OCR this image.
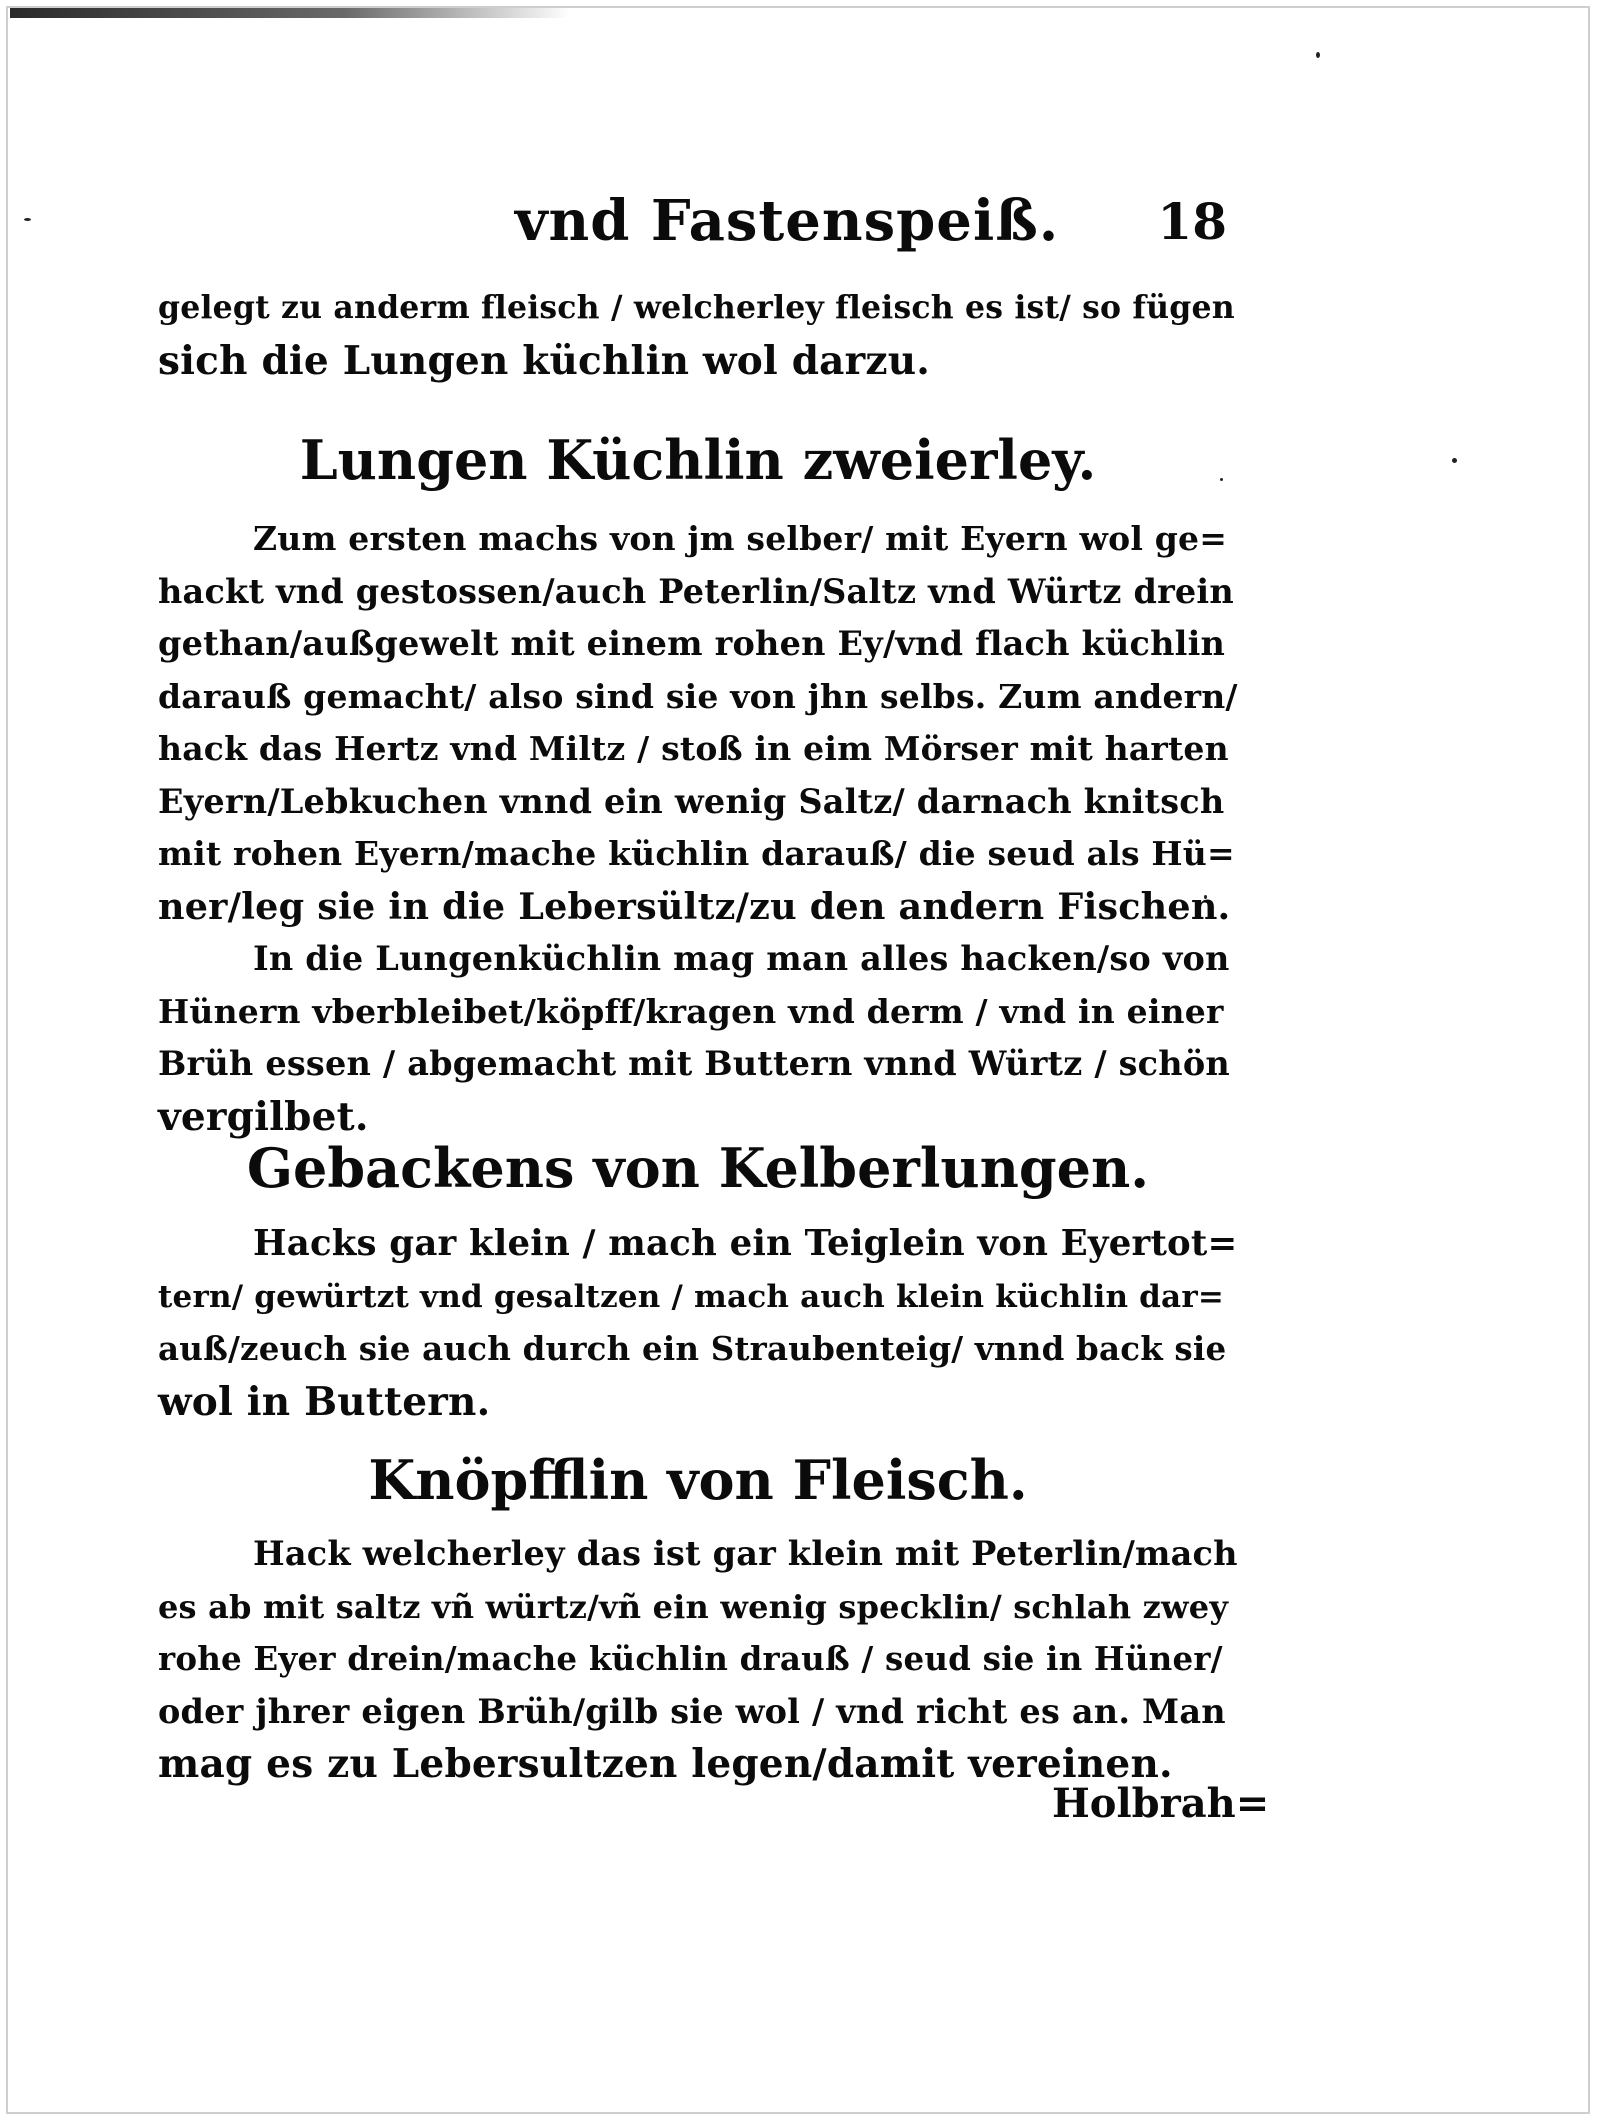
vnd Fastenspeiß. 18
gelegt zu anderm fleisch / welcherley fleisch es ist/ so fügen
sich die Lungen küchlin wol darzu.
Lungen Küchlin zweierley.
Zum ersten machs von jm selber/ mit Eyern wol ge=
hackt vnd gestossen/auch Peterlin/Saltz vnd Würtz drein
gethan/außgewelt mit einem rohen Ey/vnd flach küchlin
darauß gemacht/ also sind sie von jhn selbs. Zum andern/
hack das Hertz vnd Miltz / stoß in eim Mörser mit harten
Eyern/Lebkuchen vnnd ein wenig Saltz/ darnach knitsch
mit rohen Eyern/mache küchlin darauß/ die seud als Hü=
ner/leg sie in die Lebersültz/zu den andern Fischen.
In die Lungenküchlin mag man alles hacken/so von
Hünern vberbleibet/köpff/kragen vnd derm / vnd in einer
Brüh essen / abgemacht mit Buttern vnnd Würtz / schön
vergilbet.
Gebackens von Kelberlungen.
Hacks gar klein / mach ein Teiglein von Eyertot=
tern/ gewürtzt vnd gesaltzen / mach auch klein küchlin dar=
auß/zeuch sie auch durch ein Straubenteig/ vnnd back sie
wol in Buttern.
Knöpfflin von Fleisch.
Hack welcherley das ist gar klein mit Peterlin/mach
es ab mit saltz vñ würtz/vñ ein wenig specklin/ schlah zwey
rohe Eyer drein/mache küchlin drauß / seud sie in Hüner/
oder jhrer eigen Brüh/gilb sie wol / vnd richt es an. Man
mag es zu Lebersultzen legen/damit vereinen.
Holbrah=
